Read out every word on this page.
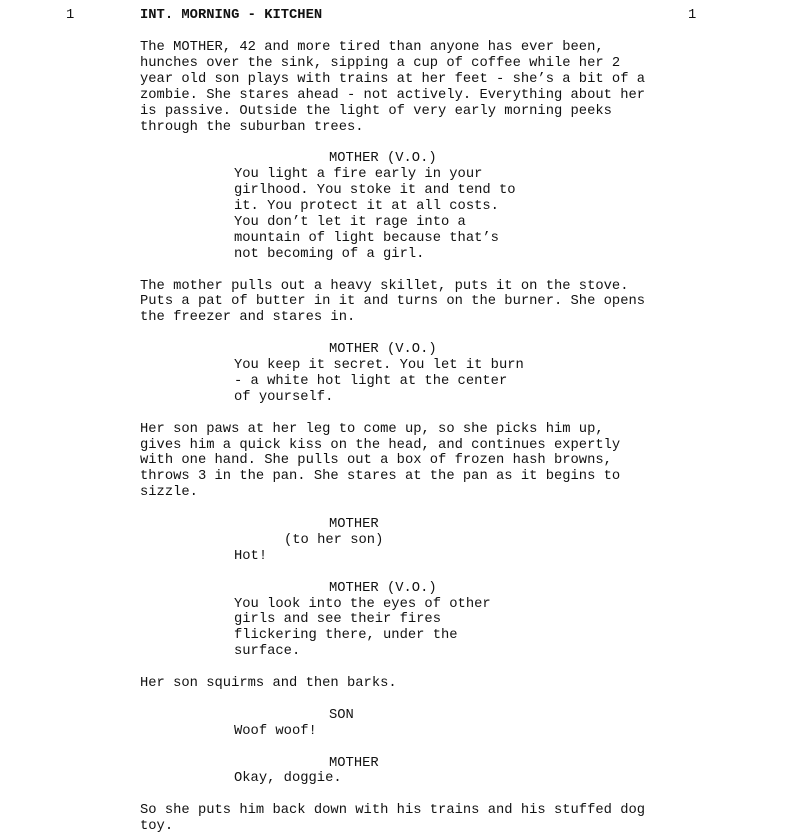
1	INT. MORNING - KITCHEN	1
The MOTHER, 42 and more tired than anyone has ever been,
hunches over the sink, sipping a cup of coffee while her 2
year old son plays with trains at her feet - she’s a bit of a
zombie. She stares ahead - not actively. Everything about her
is passive. Outside the light of very early morning peeks
through the suburban trees.
MOTHER (V.O.)
You light a fire early in your
girlhood. You stoke it and tend to
it. You protect it at all costs.
You don’t let it rage into a
mountain of light because that’s
not becoming of a girl.
The mother pulls out a heavy skillet, puts it on the stove.
Puts a pat of butter in it and turns on the burner. She opens
the freezer and stares in.
MOTHER (V.O.)
You keep it secret. You let it burn
- a white hot light at the center
of yourself.
Her son paws at her leg to come up, so she picks him up,
gives him a quick kiss on the head, and continues expertly
with one hand. She pulls out a box of frozen hash browns,
throws 3 in the pan. She stares at the pan as it begins to
sizzle.
MOTHER
(to her son)
Hot!
MOTHER (V.O.)
You look into the eyes of other
girls and see their fires
flickering there, under the
surface.
Her son squirms and then barks.
SON
Woof woof!
MOTHER
Okay, doggie.
So she puts him back down with his trains and his stuffed dog
toy.
